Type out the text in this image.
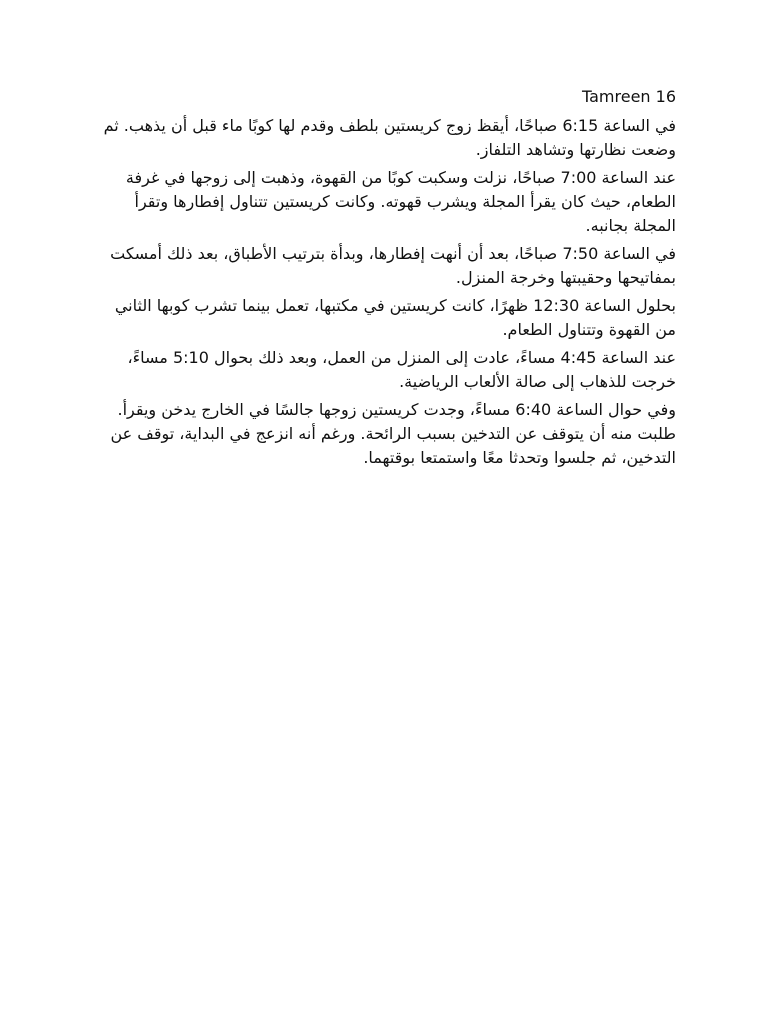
Tamreen 16

في الساعة 6:15 صباحًا، أيقظ زوج كريستين بلطف وقدم لها كوبًا ماء قبل أن يذهب. ثم وضعت نظارتها وتشاهد التلفاز.

عند الساعة 7:00 صباحًا، نزلت وسكبت كوبًا من القهوة، وذهبت إلى زوجها في غرفة الطعام، حيث كان يقرأ المجلة ويشرب قهوته. وكانت كريستين تتناول إفطارها وتقرأ المجلة بجانبه.

في الساعة 7:50 صباحًا، بعد أن أنهت إفطارها، وبدأة بترتيب الأطباق، بعد ذلك أمسكت بمفاتيحها وحقيبتها وخرجة المنزل.

بحلول الساعة 12:30 ظهرًا، كانت كريستين في مكتبها، تعمل بينما تشرب كوبها الثاني من القهوة وتتناول الطعام.

عند الساعة 4:45 مساءً، عادت إلى المنزل من العمل، وبعد ذلك بحوال 5:10 مساءً، خرجت للذهاب إلى صالة الألعاب الرياضية.

وفي حوال الساعة 6:40 مساءً، وجدت كريستين زوجها جالسًا في الخارج يدخن ويقرأ. طلبت منه أن يتوقف عن التدخين بسبب الرائحة. ورغم أنه انزعج في البداية، توقف عن التدخين، ثم جلسوا وتحدثا معًا واستمتعا بوقتهما.
